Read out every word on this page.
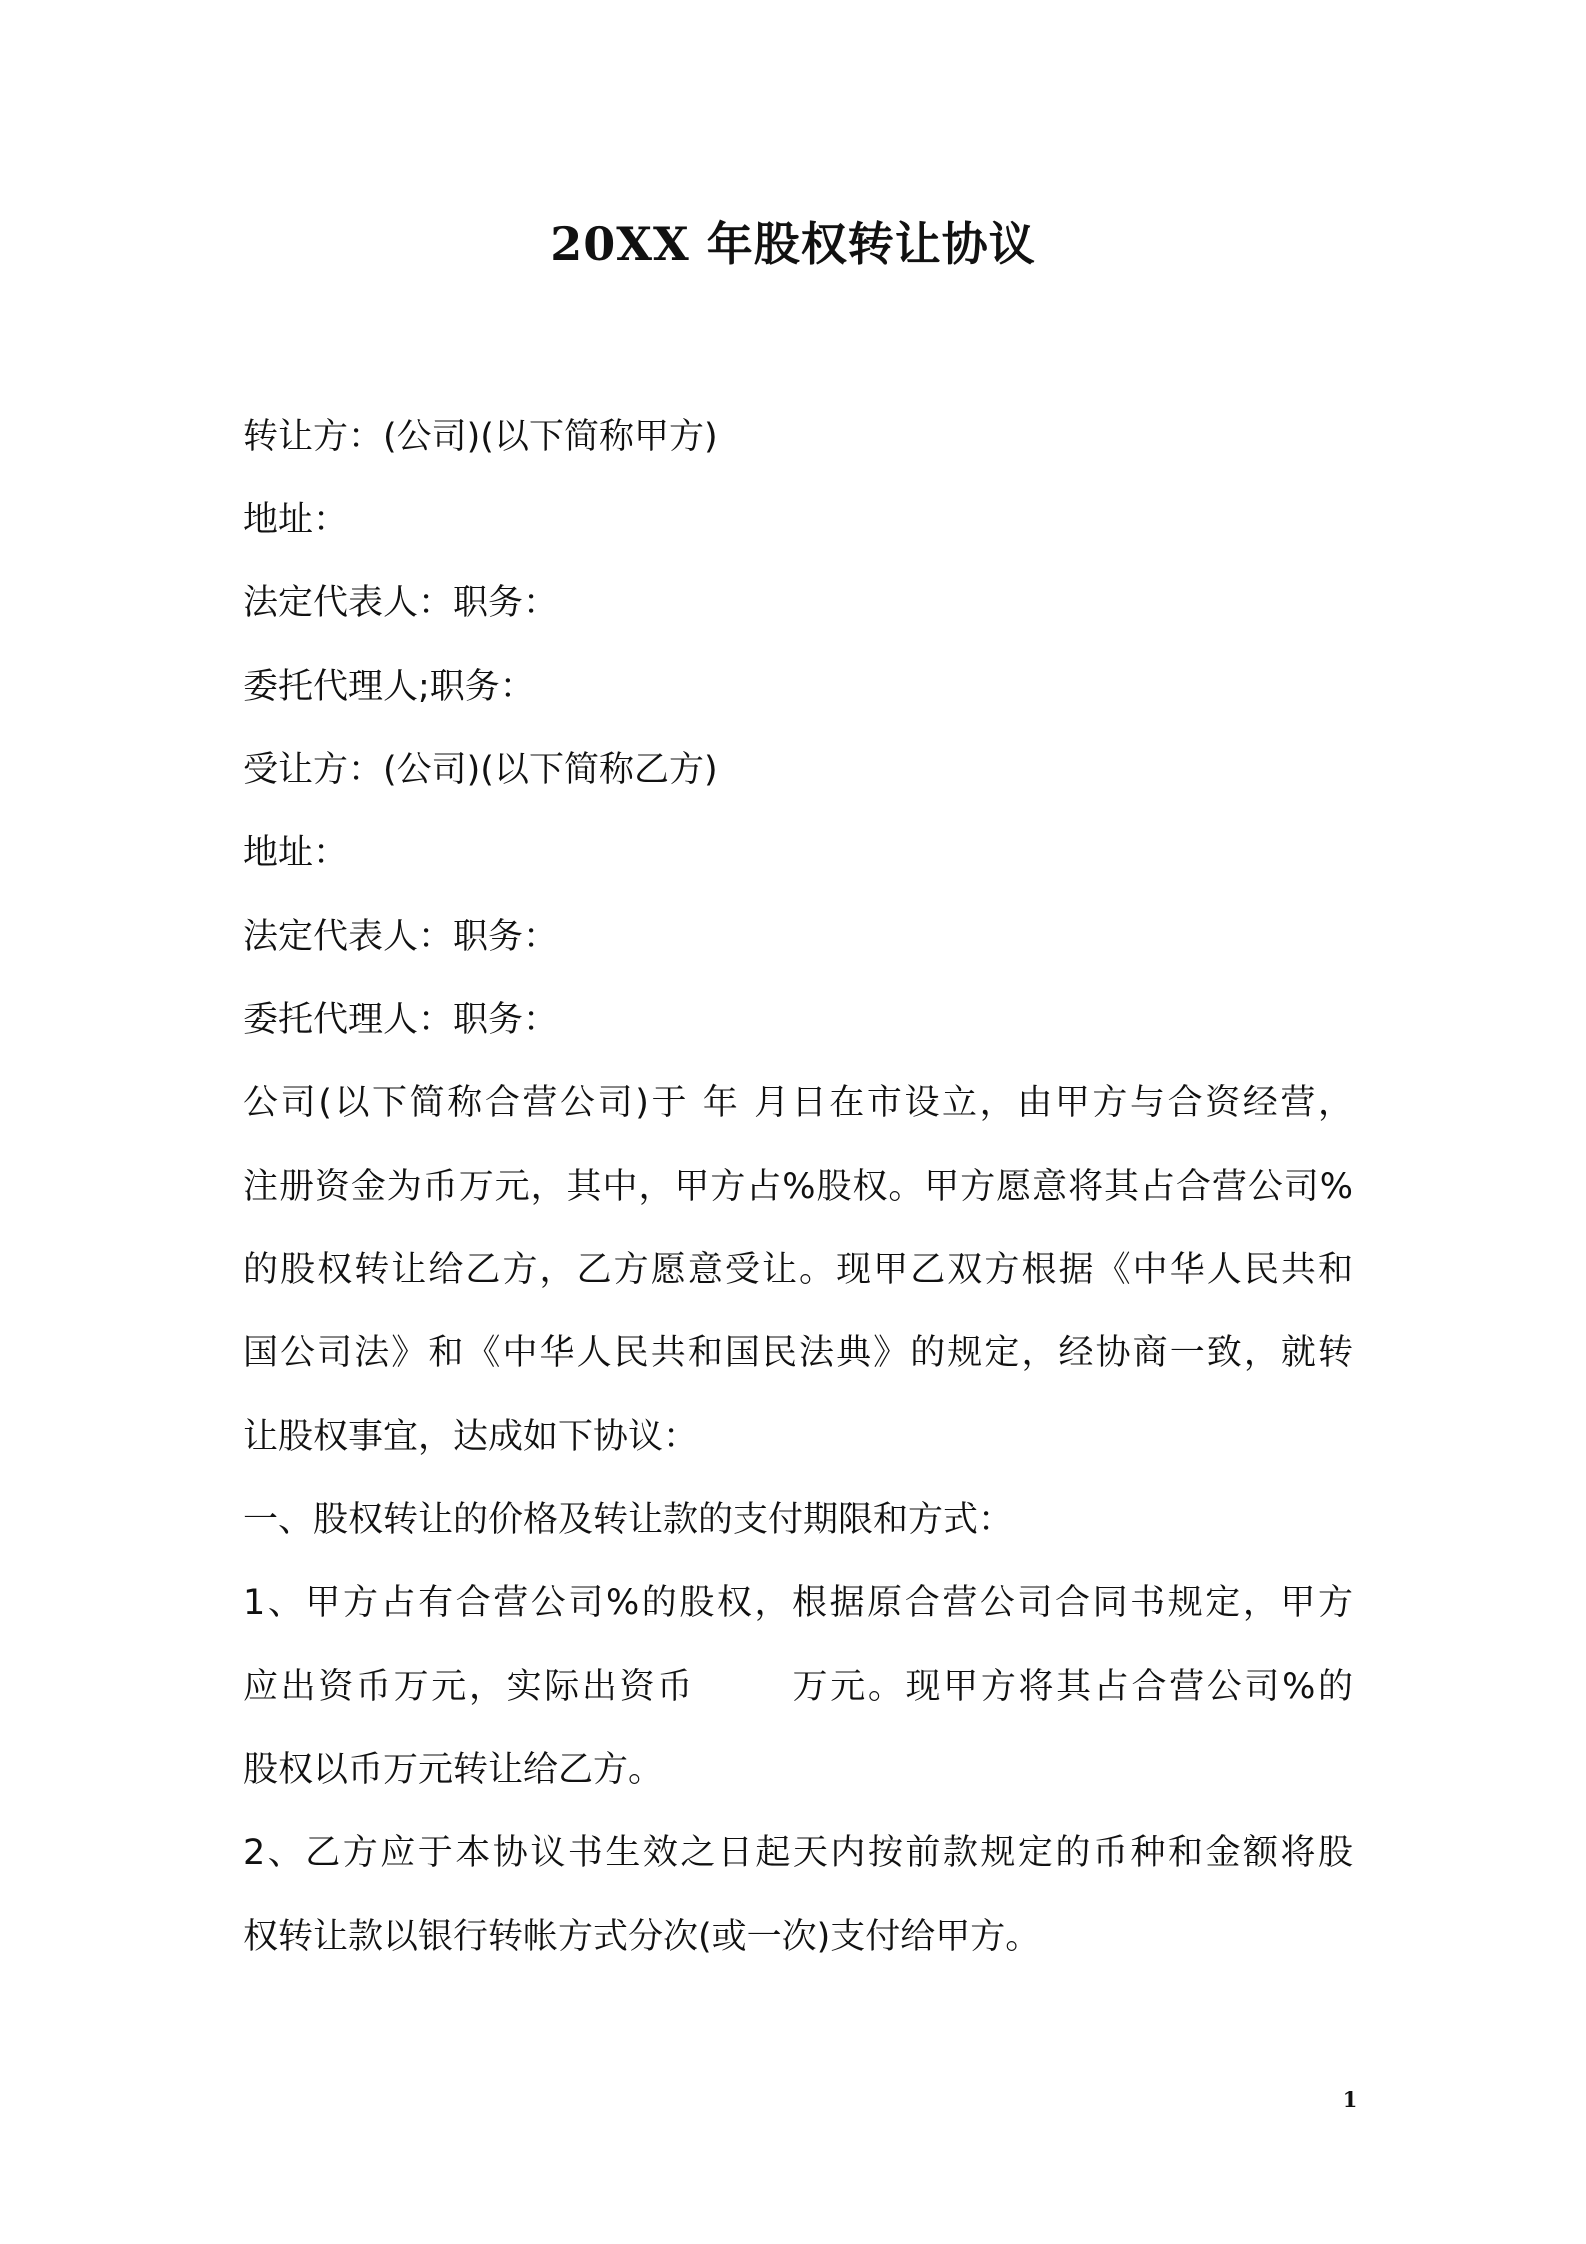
20XX 年股权转让协议
转让方：(公司)(以下简称甲方)
地址：
法定代表人：职务：
委托代理人;职务：
受让方：(公司)(以下简称乙方)
地址：
法定代表人：职务：
委托代理人：职务：
公司(以下简称合营公司)于 年 月日在市设立，由甲方与合资经营，
注册资金为币万元，其中，甲方占%股权。甲方愿意将其占合营公司%
的股权转让给乙方，乙方愿意受让。现甲乙双方根据《中华人民共和
国公司法》和《中华人民共和国民法典》的规定，经协商一致，就转
让股权事宜，达成如下协议：
一、股权转让的价格及转让款的支付期限和方式：
1、甲方占有合营公司%的股权，根据原合营公司合同书规定，甲方
应出资币万元，实际出资币	万元。现甲方将其占合营公司%的
股权以币万元转让给乙方。
2、乙方应于本协议书生效之日起天内按前款规定的币种和金额将股
权转让款以银行转帐方式分次(或一次)支付给甲方。
1
